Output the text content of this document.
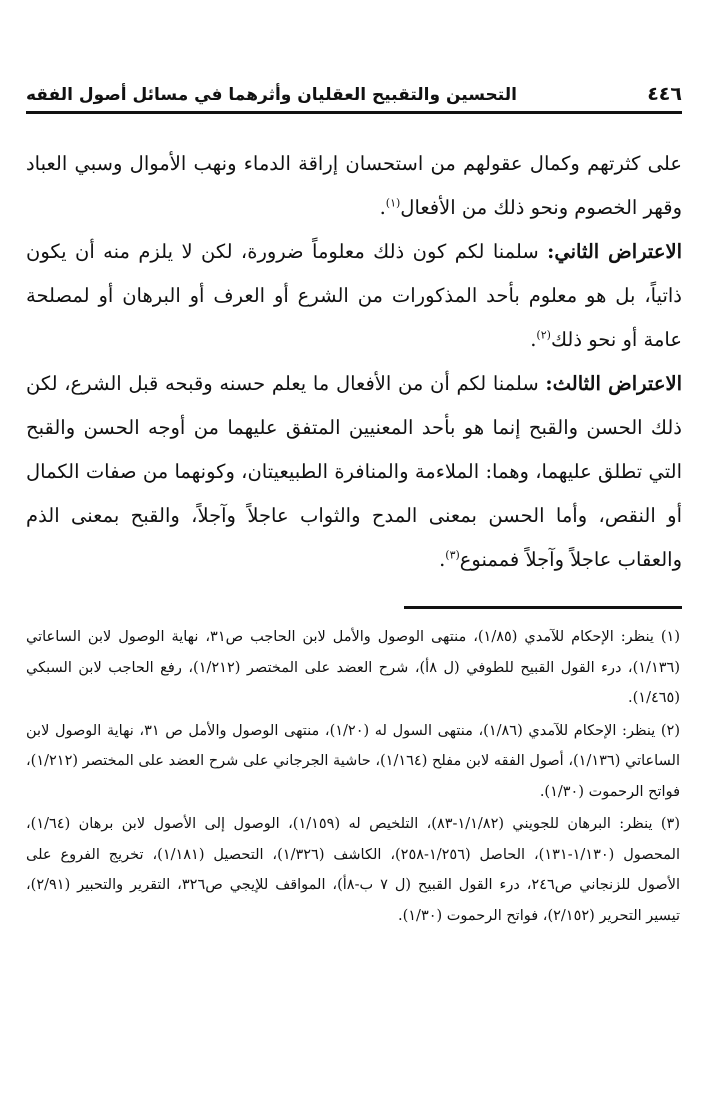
التحسين والتقبيح العقليان وأثرهما في مسائل أصول الفقه	٤٤٦

على كثرتهم وكمال عقولهم من استحسان إراقة الدماء ونهب الأموال وسبي العباد وقهر الخصوم ونحو ذلك من الأفعال$^{(١)}$.

الاعتراض الثاني: سلمنا لكم كون ذلك معلوماً ضرورة، لكن لا يلزم منه أن يكون ذاتياً، بل هو معلوم بأحد المذكورات من الشرع أو العرف أو البرهان أو لمصلحة عامة أو نحو ذلك$^{(٢)}$.

الاعتراض الثالث: سلمنا لكم أن من الأفعال ما يعلم حسنه وقبحه قبل الشرع، لكن ذلك الحسن والقبح إنما هو بأحد المعنيين المتفق عليهما من أوجه الحسن والقبح التي تطلق عليهما، وهما: الملاءمة والمنافرة الطبيعيتان، وكونهما من صفات الكمال أو النقص، وأما الحسن بمعنى المدح والثواب عاجلاً وآجلاً، والقبح بمعنى الذم والعقاب عاجلاً وآجلاً فممنوع$^{(٣)}$.

(١) ينظر: الإحكام للآمدي (١/٨٥)، منتهى الوصول والأمل لابن الحاجب ص٣١، نهاية الوصول لابن الساعاتي (١/١٣٦)، درء القول القبيح للطوفي (ل ٨أ)، شرح العضد على المختصر (١/٢١٢)، رفع الحاجب لابن السبكي (١/٤٦٥).

(٢) ينظر: الإحكام للآمدي (١/٨٦)، منتهى السول له (١/٢٠)، منتهى الوصول والأمل ص ٣١، نهاية الوصول لابن الساعاتي (١/١٣٦)، أصول الفقه لابن مفلح (١/١٦٤)، حاشية الجرجاني على شرح العضد على المختصر (١/٢١٢)، فواتح الرحموت (١/٣٠).

(٣) ينظر: البرهان للجويني (١/١/٨٢-٨٣)، التلخيص له (١/١٥٩)، الوصول إلى الأصول لابن برهان (١/٦٤)، المحصول (١/١٣٠-١٣١)، الحاصل (١/٢٥٦-٢٥٨)، الكاشف (١/٣٢٦)، التحصيل (١/١٨١)، تخريج الفروع على الأصول للزنجاني ص٢٤٦، درء القول القبيح (ل ٧ ب-٨أ)، المواقف للإيجي ص٣٢٦، التقرير والتحبير (٢/٩١)، تيسير التحرير (٢/١٥٢)، فواتح الرحموت (١/٣٠).
